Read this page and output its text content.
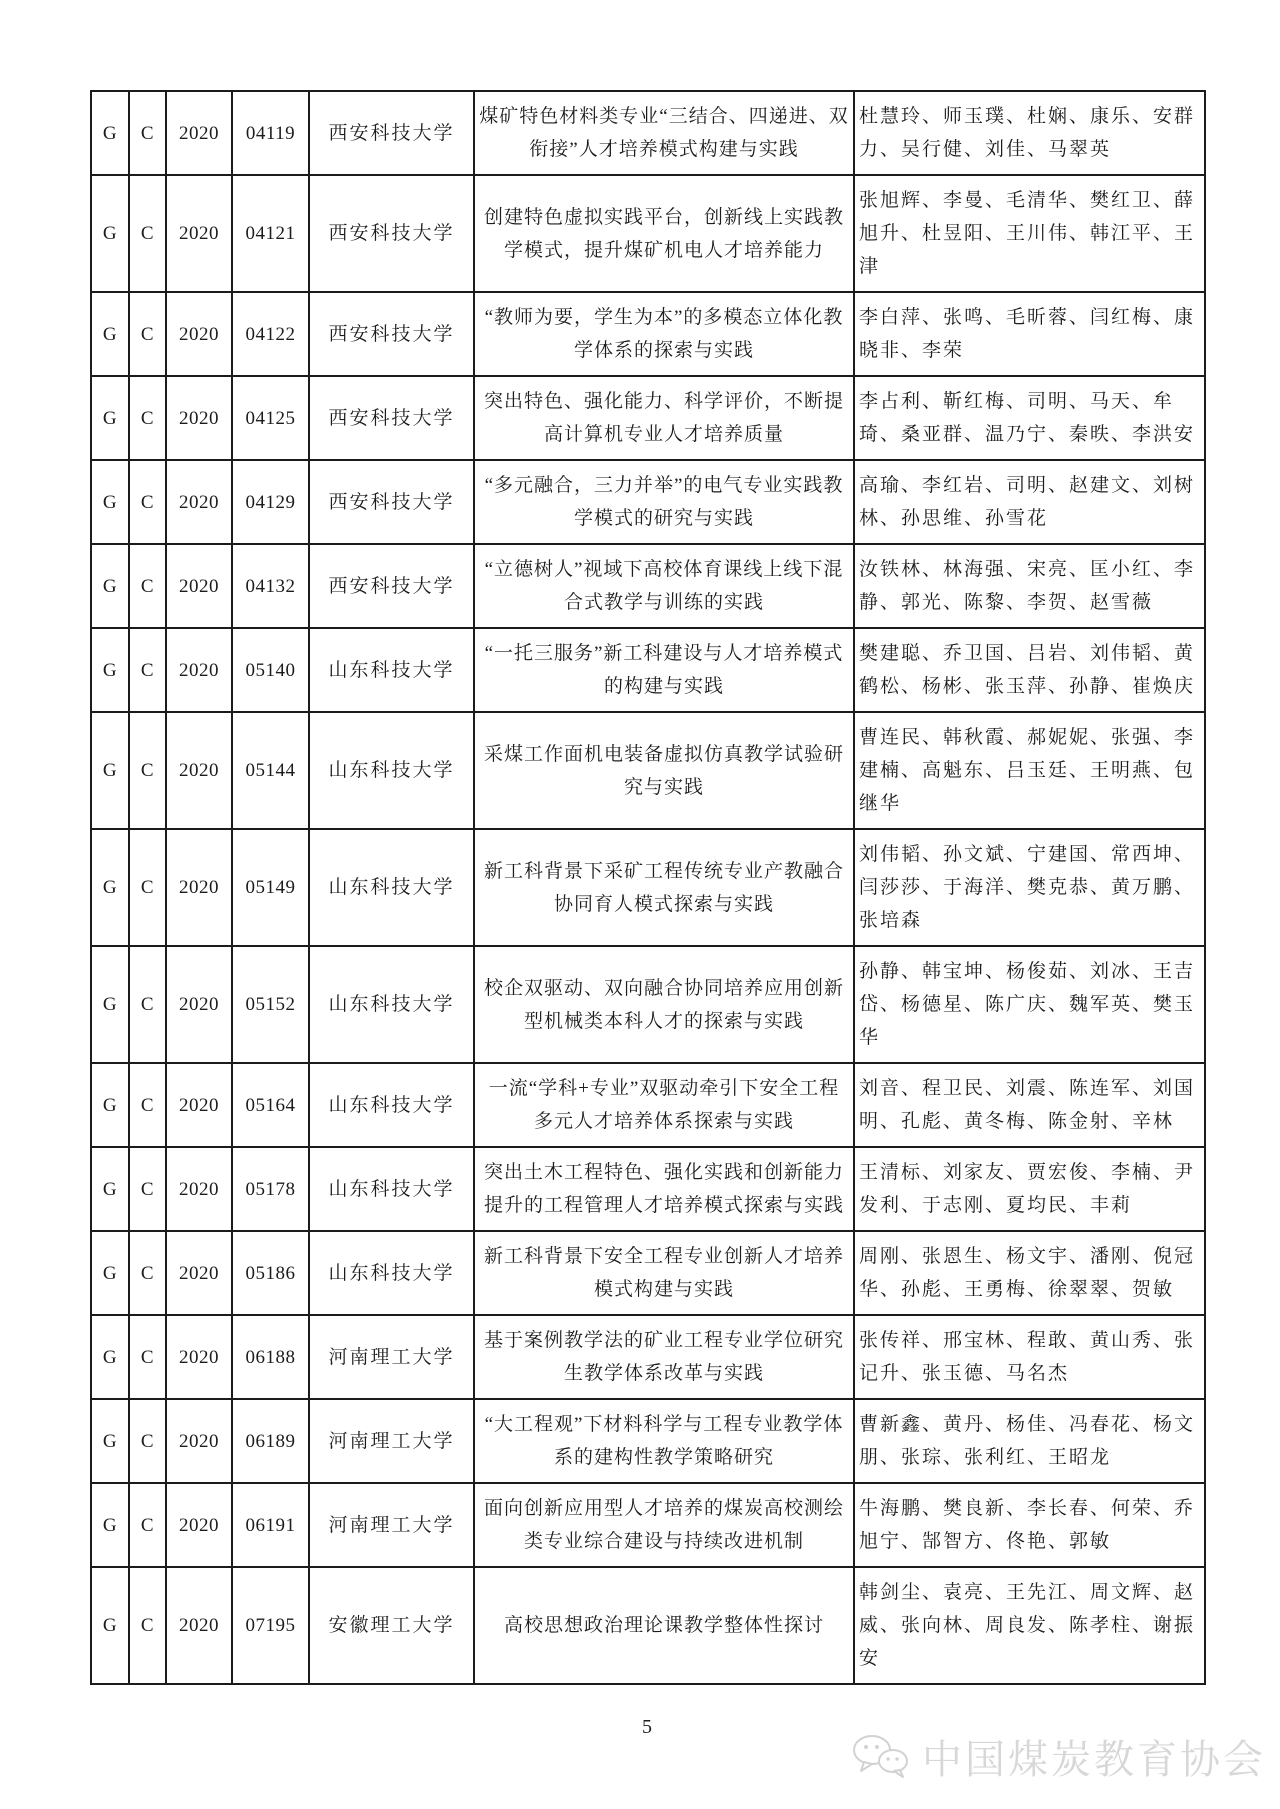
G	C	2020	04119	西安科技大学	煤矿特色材料类专业“三结合、四递进、双衔接”人才培养模式构建与实践	杜慧玲、师玉璞、杜娴、康乐、安群力、吴行健、刘佳、马翠英
G	C	2020	04121	西安科技大学	创建特色虚拟实践平台，创新线上实践教学模式，提升煤矿机电人才培养能力	张旭辉、李曼、毛清华、樊红卫、薛旭升、杜昱阳、王川伟、韩江平、王津
G	C	2020	04122	西安科技大学	“教师为要，学生为本”的多模态立体化教学体系的探索与实践	李白萍、张鸣、毛昕蓉、闫红梅、康晓非、李荣
G	C	2020	04125	西安科技大学	突出特色、强化能力、科学评价，不断提高计算机专业人才培养质量	李占利、靳红梅、司明、马天、牟琦、桑亚群、温乃宁、秦昳、李洪安
G	C	2020	04129	西安科技大学	“多元融合，三力并举”的电气专业实践教学模式的研究与实践	高瑜、李红岩、司明、赵建文、刘树林、孙思维、孙雪花
G	C	2020	04132	西安科技大学	“立德树人”视域下高校体育课线上线下混合式教学与训练的实践	汝铁林、林海强、宋亮、匡小红、李静、郭光、陈黎、李贺、赵雪薇
G	C	2020	05140	山东科技大学	“一托三服务”新工科建设与人才培养模式的构建与实践	樊建聪、乔卫国、吕岩、刘伟韬、黄鹤松、杨彬、张玉萍、孙静、崔焕庆
G	C	2020	05144	山东科技大学	采煤工作面机电装备虚拟仿真教学试验研究与实践	曹连民、韩秋霞、郝妮妮、张强、李建楠、高魁东、吕玉廷、王明燕、包继华
G	C	2020	05149	山东科技大学	新工科背景下采矿工程传统专业产教融合协同育人模式探索与实践	刘伟韬、孙文斌、宁建国、常西坤、闫莎莎、于海洋、樊克恭、黄万鹏、张培森
G	C	2020	05152	山东科技大学	校企双驱动、双向融合协同培养应用创新型机械类本科人才的探索与实践	孙静、韩宝坤、杨俊茹、刘冰、王吉岱、杨德星、陈广庆、魏军英、樊玉华
G	C	2020	05164	山东科技大学	一流“学科+专业”双驱动牵引下安全工程多元人才培养体系探索与实践	刘音、程卫民、刘震、陈连军、刘国明、孔彪、黄冬梅、陈金射、辛林
G	C	2020	05178	山东科技大学	突出土木工程特色、强化实践和创新能力提升的工程管理人才培养模式探索与实践	王清标、刘家友、贾宏俊、李楠、尹发利、于志刚、夏均民、丰莉
G	C	2020	05186	山东科技大学	新工科背景下安全工程专业创新人才培养模式构建与实践	周刚、张恩生、杨文宇、潘刚、倪冠华、孙彪、王勇梅、徐翠翠、贺敏
G	C	2020	06188	河南理工大学	基于案例教学法的矿业工程专业学位研究生教学体系改革与实践	张传祥、邢宝林、程敢、黄山秀、张记升、张玉德、马名杰
G	C	2020	06189	河南理工大学	“大工程观”下材料科学与工程专业教学体系的建构性教学策略研究	曹新鑫、黄丹、杨佳、冯春花、杨文朋、张琮、张利红、王昭龙
G	C	2020	06191	河南理工大学	面向创新应用型人才培养的煤炭高校测绘类专业综合建设与持续改进机制	牛海鹏、樊良新、李长春、何荣、乔旭宁、郜智方、佟艳、郭敏
G	C	2020	07195	安徽理工大学	高校思想政治理论课教学整体性探讨	韩剑尘、袁亮、王先江、周文辉、赵威、张向林、周良发、陈孝柱、谢振安
5
中国煤炭教育协会
